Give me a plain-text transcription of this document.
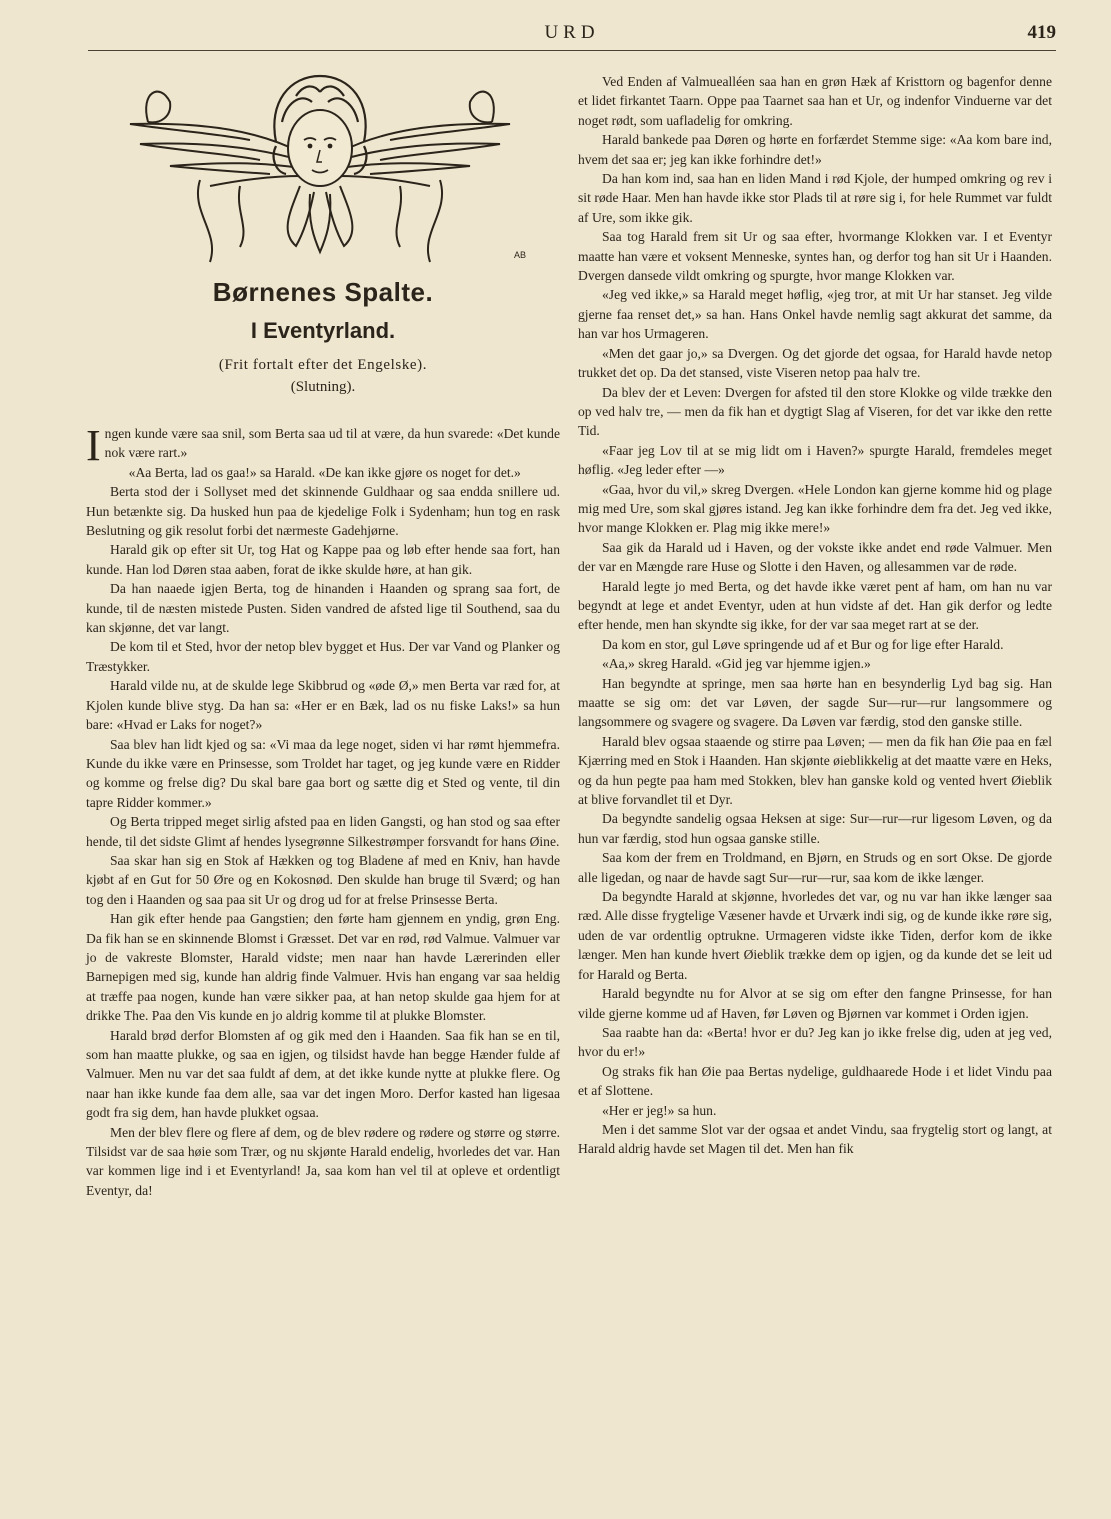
URD	419
AB
Børnenes Spalte.
I Eventyrland.
(Frit fortalt efter det Engelske).
(Slutning).

Ingen kunde være saa snil, som Berta saa ud til at være, da hun svarede: «Det kunde nok være rart.»

«Aa Berta, lad os gaa!» sa Harald. «De kan ikke gjøre os noget for det.»

Berta stod der i Sollyset med det skinnende Guldhaar og saa endda snillere ud. Hun betænkte sig. Da husked hun paa de kjedelige Folk i Sydenham; hun tog en rask Beslutning og gik resolut forbi det nærmeste Gadehjørne.

Harald gik op efter sit Ur, tog Hat og Kappe paa og løb efter hende saa fort, han kunde. Han lod Døren staa aaben, forat de ikke skulde høre, at han gik.

Da han naaede igjen Berta, tog de hinanden i Haanden og sprang saa fort, de kunde, til de næsten mistede Pusten. Siden vandred de afsted lige til Southend, saa du kan skjønne, det var langt.

De kom til et Sted, hvor der netop blev bygget et Hus. Der var Vand og Planker og Træstykker.

Harald vilde nu, at de skulde lege Skibbrud og «øde Ø,» men Berta var ræd for, at Kjolen kunde blive styg. Da han sa: «Her er en Bæk, lad os nu fiske Laks!» sa hun bare: «Hvad er Laks for noget?»

Saa blev han lidt kjed og sa: «Vi maa da lege noget, siden vi har rømt hjemmefra. Kunde du ikke være en Prinsesse, som Troldet har taget, og jeg kunde være en Ridder og komme og frelse dig? Du skal bare gaa bort og sætte dig et Sted og vente, til din tapre Ridder kommer.»

Og Berta tripped meget sirlig afsted paa en liden Gangsti, og han stod og saa efter hende, til det sidste Glimt af hendes lysegrønne Silkestrømper forsvandt for hans Øine.

Saa skar han sig en Stok af Hækken og tog Bladene af med en Kniv, han havde kjøbt af en Gut for 50 Øre og en Kokosnød. Den skulde han bruge til Sværd; og han tog den i Haanden og saa paa sit Ur og drog ud for at frelse Prinsesse Berta.

Han gik efter hende paa Gangstien; den førte ham gjennem en yndig, grøn Eng. Da fik han se en skinnende Blomst i Græsset. Det var en rød, rød Valmue. Valmuer var jo de vakreste Blomster, Harald vidste; men naar han havde Lærerinden eller Barnepigen med sig, kunde han aldrig finde Valmuer. Hvis han engang var saa heldig at træffe paa nogen, kunde han være sikker paa, at han netop skulde gaa hjem for at drikke The. Paa den Vis kunde en jo aldrig komme til at plukke Blomster.

Harald brød derfor Blomsten af og gik med den i Haanden. Saa fik han se en til, som han maatte plukke, og saa en igjen, og tilsidst havde han begge Hænder fulde af Valmuer. Men nu var det saa fuldt af dem, at det ikke kunde nytte at plukke flere. Og naar han ikke kunde faa dem alle, saa var det ingen Moro. Derfor kasted han ligesaa godt fra sig dem, han havde plukket ogsaa.

Men der blev flere og flere af dem, og de blev rødere og rødere og større og større. Tilsidst var de saa høie som Trær, og nu skjønte Harald endelig, hvorledes det var. Han var kommen lige ind i et Eventyrland! Ja, saa kom han vel til at opleve et ordentligt Eventyr, da!

Ved Enden af Valmuealléen saa han en grøn Hæk af Kristtorn og bagenfor denne et lidet firkantet Taarn. Oppe paa Taarnet saa han et Ur, og indenfor Vinduerne var det noget rødt, som uafladelig for omkring.

Harald bankede paa Døren og hørte en forfærdet Stemme sige: «Aa kom bare ind, hvem det saa er; jeg kan ikke forhindre det!»

Da han kom ind, saa han en liden Mand i rød Kjole, der humped omkring og rev i sit røde Haar. Men han havde ikke stor Plads til at røre sig i, for hele Rummet var fuldt af Ure, som ikke gik.

Saa tog Harald frem sit Ur og saa efter, hvormange Klokken var. I et Eventyr maatte han være et voksent Menneske, syntes han, og derfor tog han sit Ur i Haanden. Dvergen dansede vildt omkring og spurgte, hvor mange Klokken var.

«Jeg ved ikke,» sa Harald meget høflig, «jeg tror, at mit Ur har stanset. Jeg vilde gjerne faa renset det,» sa han. Hans Onkel havde nemlig sagt akkurat det samme, da han var hos Urmageren.

«Men det gaar jo,» sa Dvergen. Og det gjorde det ogsaa, for Harald havde netop trukket det op. Da det stansed, viste Viseren netop paa halv tre.

Da blev der et Leven: Dvergen for afsted til den store Klokke og vilde trække den op ved halv tre, — men da fik han et dygtigt Slag af Viseren, for det var ikke den rette Tid.

«Faar jeg Lov til at se mig lidt om i Haven?» spurgte Harald, fremdeles meget høflig. «Jeg leder efter —»

«Gaa, hvor du vil,» skreg Dvergen. «Hele London kan gjerne komme hid og plage mig med Ure, som skal gjøres istand. Jeg kan ikke forhindre dem fra det. Jeg ved ikke, hvor mange Klokken er. Plag mig ikke mere!»

Saa gik da Harald ud i Haven, og der vokste ikke andet end røde Valmuer. Men der var en Mængde rare Huse og Slotte i den Haven, og allesammen var de røde.

Harald legte jo med Berta, og det havde ikke været pent af ham, om han nu var begyndt at lege et andet Eventyr, uden at hun vidste af det. Han gik derfor og ledte efter hende, men han skyndte sig ikke, for der var saa meget rart at se der.

Da kom en stor, gul Løve springende ud af et Bur og for lige efter Harald.

«Aa,» skreg Harald. «Gid jeg var hjemme igjen.»

Han begyndte at springe, men saa hørte han en besynderlig Lyd bag sig. Han maatte se sig om: det var Løven, der sagde Sur—rur—rur langsommere og langsommere og svagere og svagere. Da Løven var færdig, stod den ganske stille.

Harald blev ogsaa staaende og stirre paa Løven; — men da fik han Øie paa en fæl Kjærring med en Stok i Haanden. Han skjønte øieblikkelig at det maatte være en Heks, og da hun pegte paa ham med Stokken, blev han ganske kold og vented hvert Øieblik at blive forvandlet til et Dyr.

Da begyndte sandelig ogsaa Heksen at sige: Sur—rur—rur ligesom Løven, og da hun var færdig, stod hun ogsaa ganske stille.

Saa kom der frem en Troldmand, en Bjørn, en Struds og en sort Okse. De gjorde alle ligedan, og naar de havde sagt Sur—rur—rur, saa kom de ikke længer.

Da begyndte Harald at skjønne, hvorledes det var, og nu var han ikke længer saa ræd. Alle disse frygtelige Væsener havde et Urværk indi sig, og de kunde ikke røre sig, uden de var ordentlig optrukne. Urmageren vidste ikke Tiden, derfor kom de ikke længer. Men han kunde hvert Øieblik trække dem op igjen, og da kunde det se leit ud for Harald og Berta.

Harald begyndte nu for Alvor at se sig om efter den fangne Prinsesse, for han vilde gjerne komme ud af Haven, før Løven og Bjørnen var kommet i Orden igjen.

Saa raabte han da: «Berta! hvor er du? Jeg kan jo ikke frelse dig, uden at jeg ved, hvor du er!»

Og straks fik han Øie paa Bertas nydelige, guldhaarede Hode i et lidet Vindu paa et af Slottene.

«Her er jeg!» sa hun.

Men i det samme Slot var der ogsaa et andet Vindu, saa frygtelig stort og langt, at Harald aldrig havde set Magen til det. Men han fik
